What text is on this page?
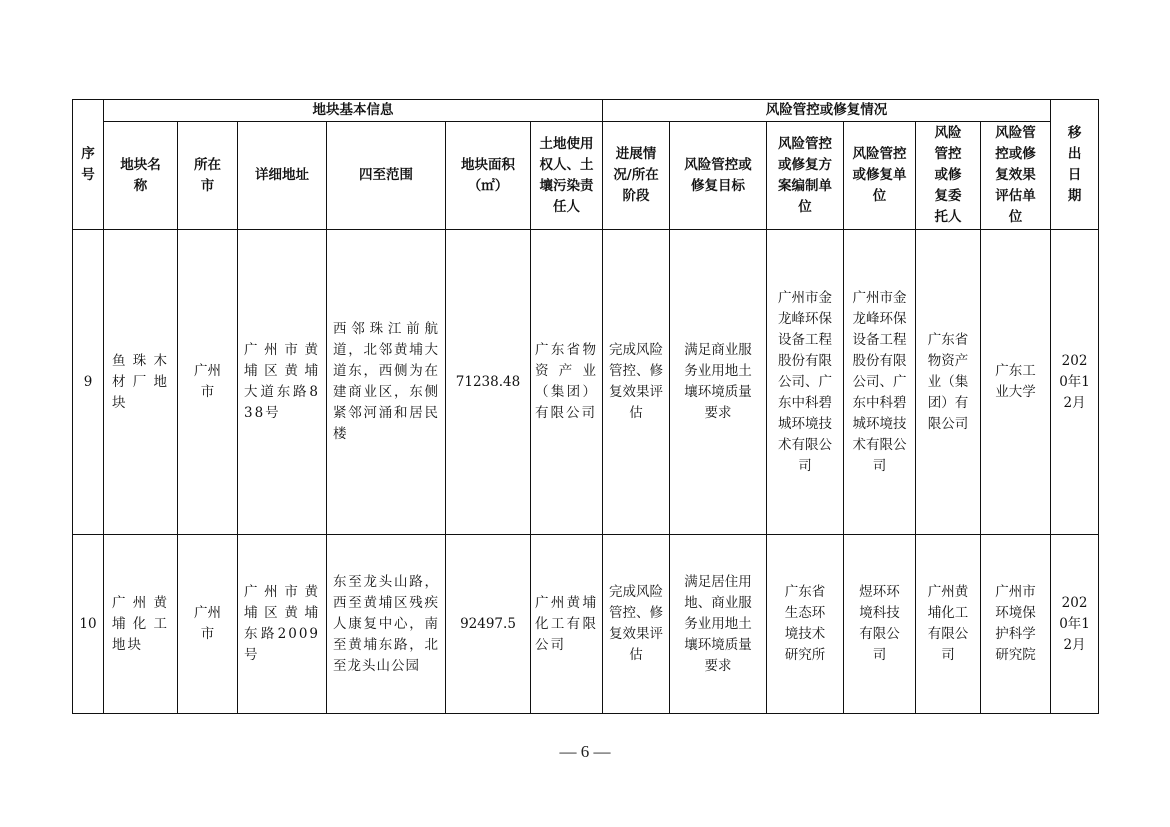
序号	地块基本信息						风险管控或修复情况						移出日期
	地块名称	所在市	详细地址	四至范围	地块面积（㎡）	土地使用权人、土壤污染责任人	进展情况/所在阶段	风险管控或修复目标	风险管控或修复方案编制单位	风险管控或修复单位	风险管控或修复委托人	风险管控或修复效果评估单位	
9	鱼珠木材厂地块	广州市	广州市黄埔区黄埔大道东路838号	西邻珠江前航道，北邻黄埔大道东，西侧为在建商业区，东侧紧邻河涌和居民楼	71238.48	广东省物资产业（集团）有限公司	完成风险管控、修复效果评估	满足商业服务业用地土壤环境质量要求	广州市金龙峰环保设备工程股份有限公司、广东中科碧城环境技术有限公司	广州市金龙峰环保设备工程股份有限公司、广东中科碧城环境技术有限公司	广东省物资产业（集团）有限公司	广东工业大学	2020年12月
10	广州黄埔化工地块	广州市	广州市黄埔区黄埔东路2009号	东至龙头山路，西至黄埔区残疾人康复中心，南至黄埔东路，北至龙头山公园	92497.5	广州黄埔化工有限公司	完成风险管控、修复效果评估	满足居住用地、商业服务业用地土壤环境质量要求	广东省生态环境技术研究所	煜环环境科技有限公司	广州黄埔化工有限公司	广州市环境保护科学研究院	2020年12月
— 6 —
